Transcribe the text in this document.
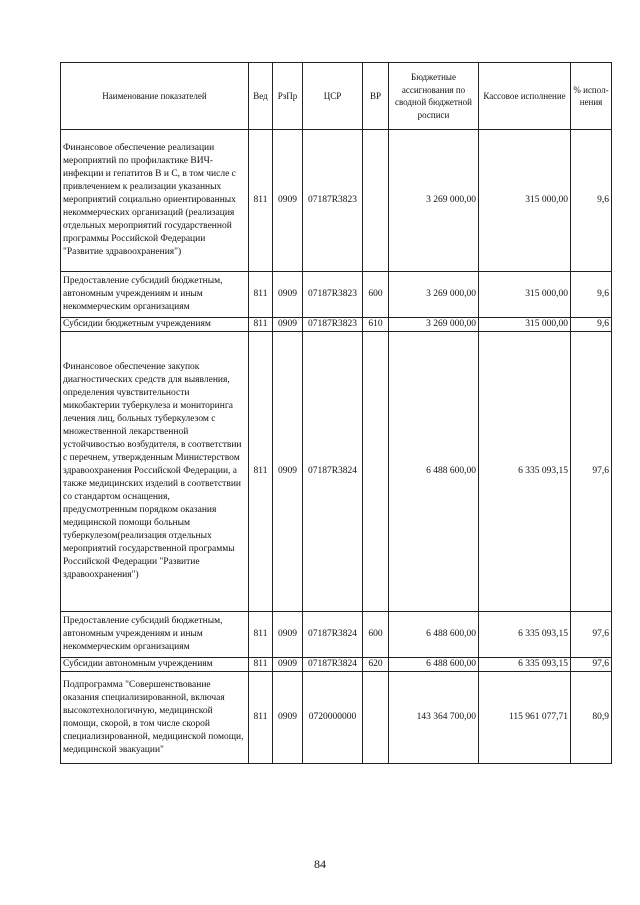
Наименование показателей	Вед	РзПр	ЦСР	ВР	Бюджетные ассигнования по сводной бюджетной росписи	Кассовое исполнение	% испол-нения
Финансовое обеспечение реализации мероприятий по профилактике ВИЧ-инфекции и гепатитов B и C, в том числе с привлечением к реализации указанных мероприятий социально ориентированных некоммерческих организаций (реализация отдельных мероприятий государственной программы Российской Федерации "Развитие здравоохранения")	811	0909	07187R3823		3 269 000,00	315 000,00	9,6
Предоставление субсидий бюджетным, автономным учреждениям и иным некоммерческим организациям	811	0909	07187R3823	600	3 269 000,00	315 000,00	9,6
Субсидии бюджетным учреждениям	811	0909	07187R3823	610	3 269 000,00	315 000,00	9,6
Финансовое обеспечение закупок диагностических средств для выявления, определения чувствительности микобактерии туберкулеза и мониторинга лечения лиц, больных туберкулезом с множественной лекарственной устойчивостью возбудителя, в соответствии с перечнем, утвержденным Министерством здравоохранения Российской Федерации, а также медицинских изделий в соответствии со стандартом оснащения, предусмотренным порядком оказания медицинской помощи больным туберкулезом(реализация отдельных мероприятий государственной программы Российской Федерации "Развитие здравоохранения")	811	0909	07187R3824		6 488 600,00	6 335 093,15	97,6
Предоставление субсидий бюджетным, автономным учреждениям и иным некоммерческим организациям	811	0909	07187R3824	600	6 488 600,00	6 335 093,15	97,6
Субсидии автономным учреждениям	811	0909	07187R3824	620	6 488 600,00	6 335 093,15	97,6
Подпрограмма "Совершенствование оказания специализированной, включая высокотехнологичную, медицинской помощи, скорой, в том числе скорой специализированной, медицинской помощи, медицинской эвакуации"	811	0909	0720000000		143 364 700,00	115 961 077,71	80,9
84
